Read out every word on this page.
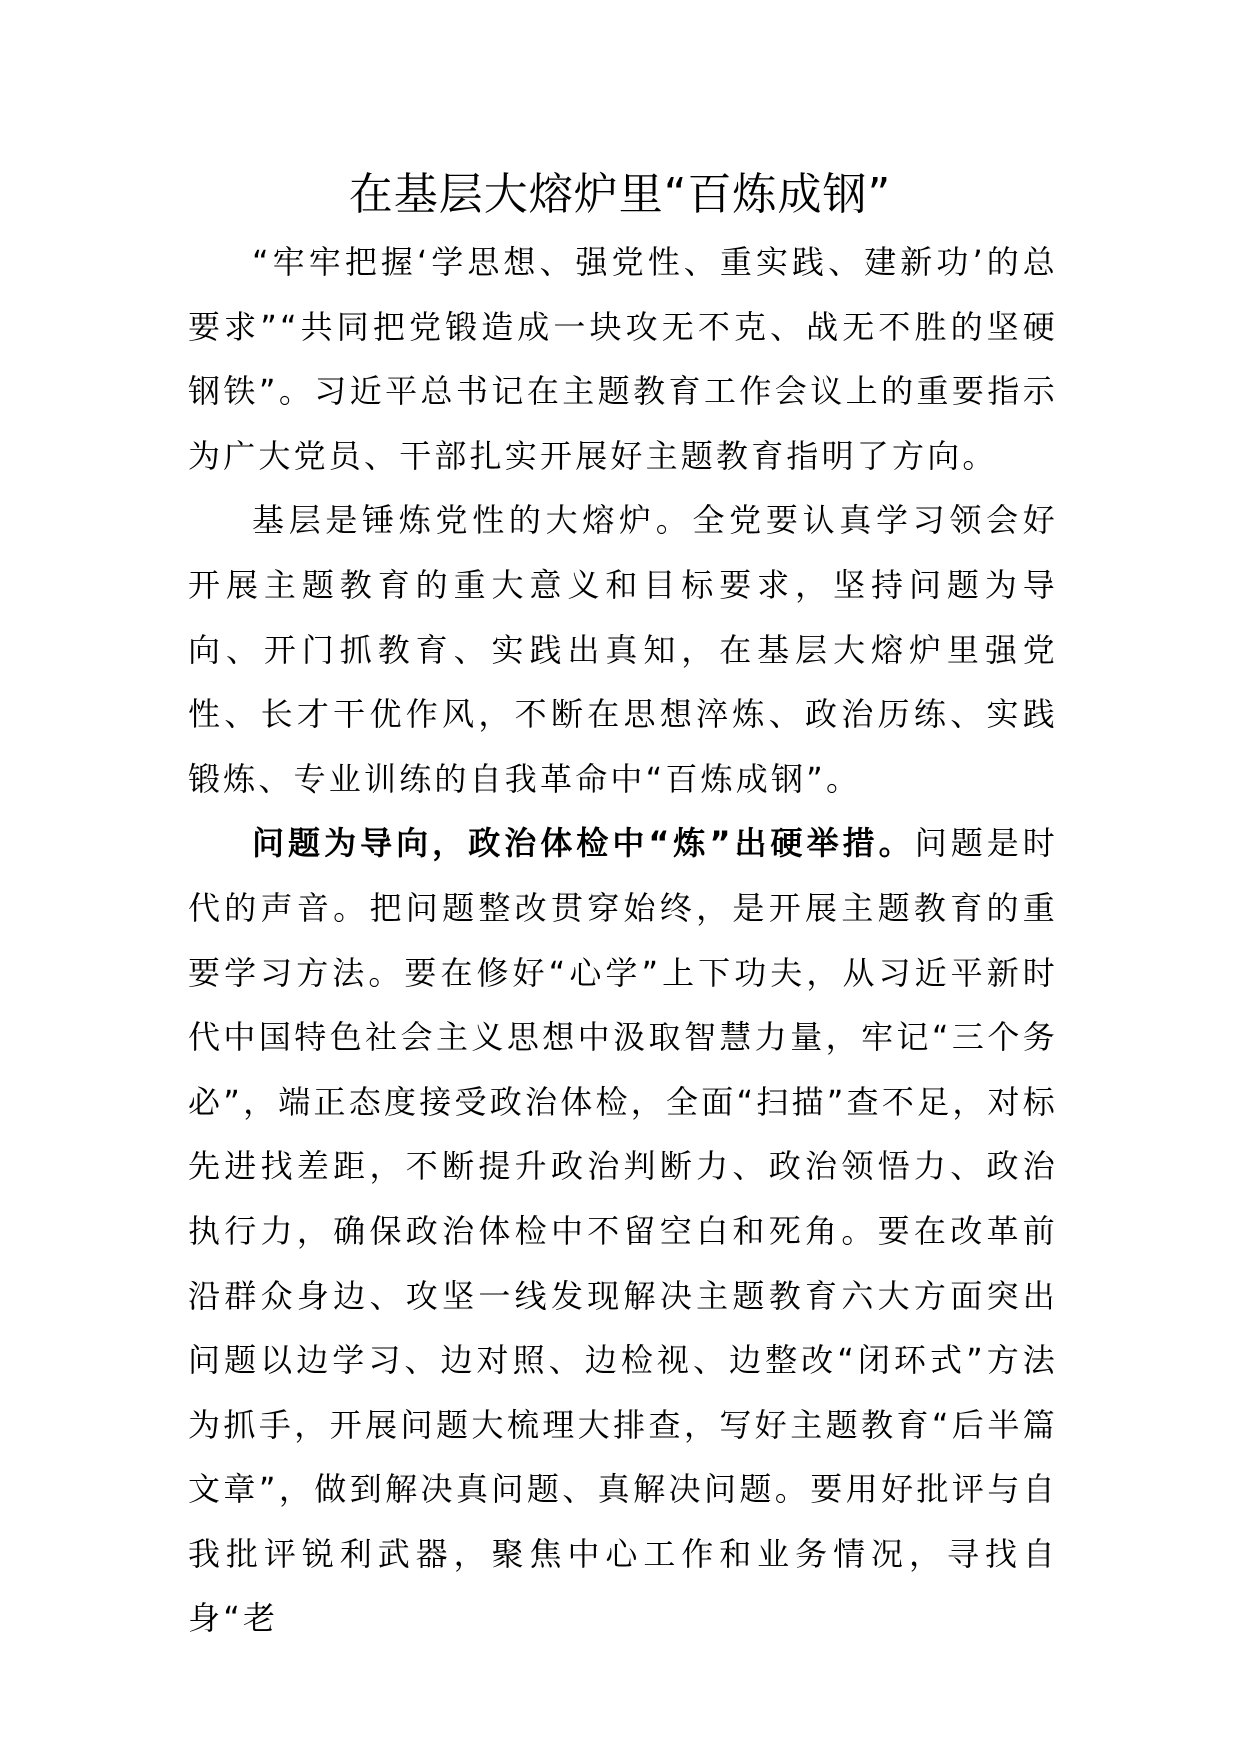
在基层大熔炉里“百炼成钢”

“牢牢把握‘学思想、强党性、重实践、建新功’的总要求”“共同把党锻造成一块攻无不克、战无不胜的坚硬钢铁”。习近平总书记在主题教育工作会议上的重要指示为广大党员、干部扎实开展好主题教育指明了方向。

基层是锤炼党性的大熔炉。全党要认真学习领会好开展主题教育的重大意义和目标要求，坚持问题为导向、开门抓教育、实践出真知，在基层大熔炉里强党性、长才干优作风，不断在思想淬炼、政治历练、实践锻炼、专业训练的自我革命中“百炼成钢”。

问题为导向，政治体检中“炼”出硬举措。问题是时代的声音。把问题整改贯穿始终，是开展主题教育的重要学习方法。要在修好“心学”上下功夫，从习近平新时代中国特色社会主义思想中汲取智慧力量，牢记“三个务必”，端正态度接受政治体检，全面“扫描”查不足，对标先进找差距，不断提升政治判断力、政治领悟力、政治执行力，确保政治体检中不留空白和死角。要在改革前沿群众身边、攻坚一线发现解决主题教育六大方面突出问题以边学习、边对照、边检视、边整改“闭环式”方法为抓手，开展问题大梳理大排查，写好主题教育“后半篇文章”，做到解决真问题、真解决问题。要用好批评与自我批评锐利武器，聚焦中心工作和业务情况，寻找自身“老
